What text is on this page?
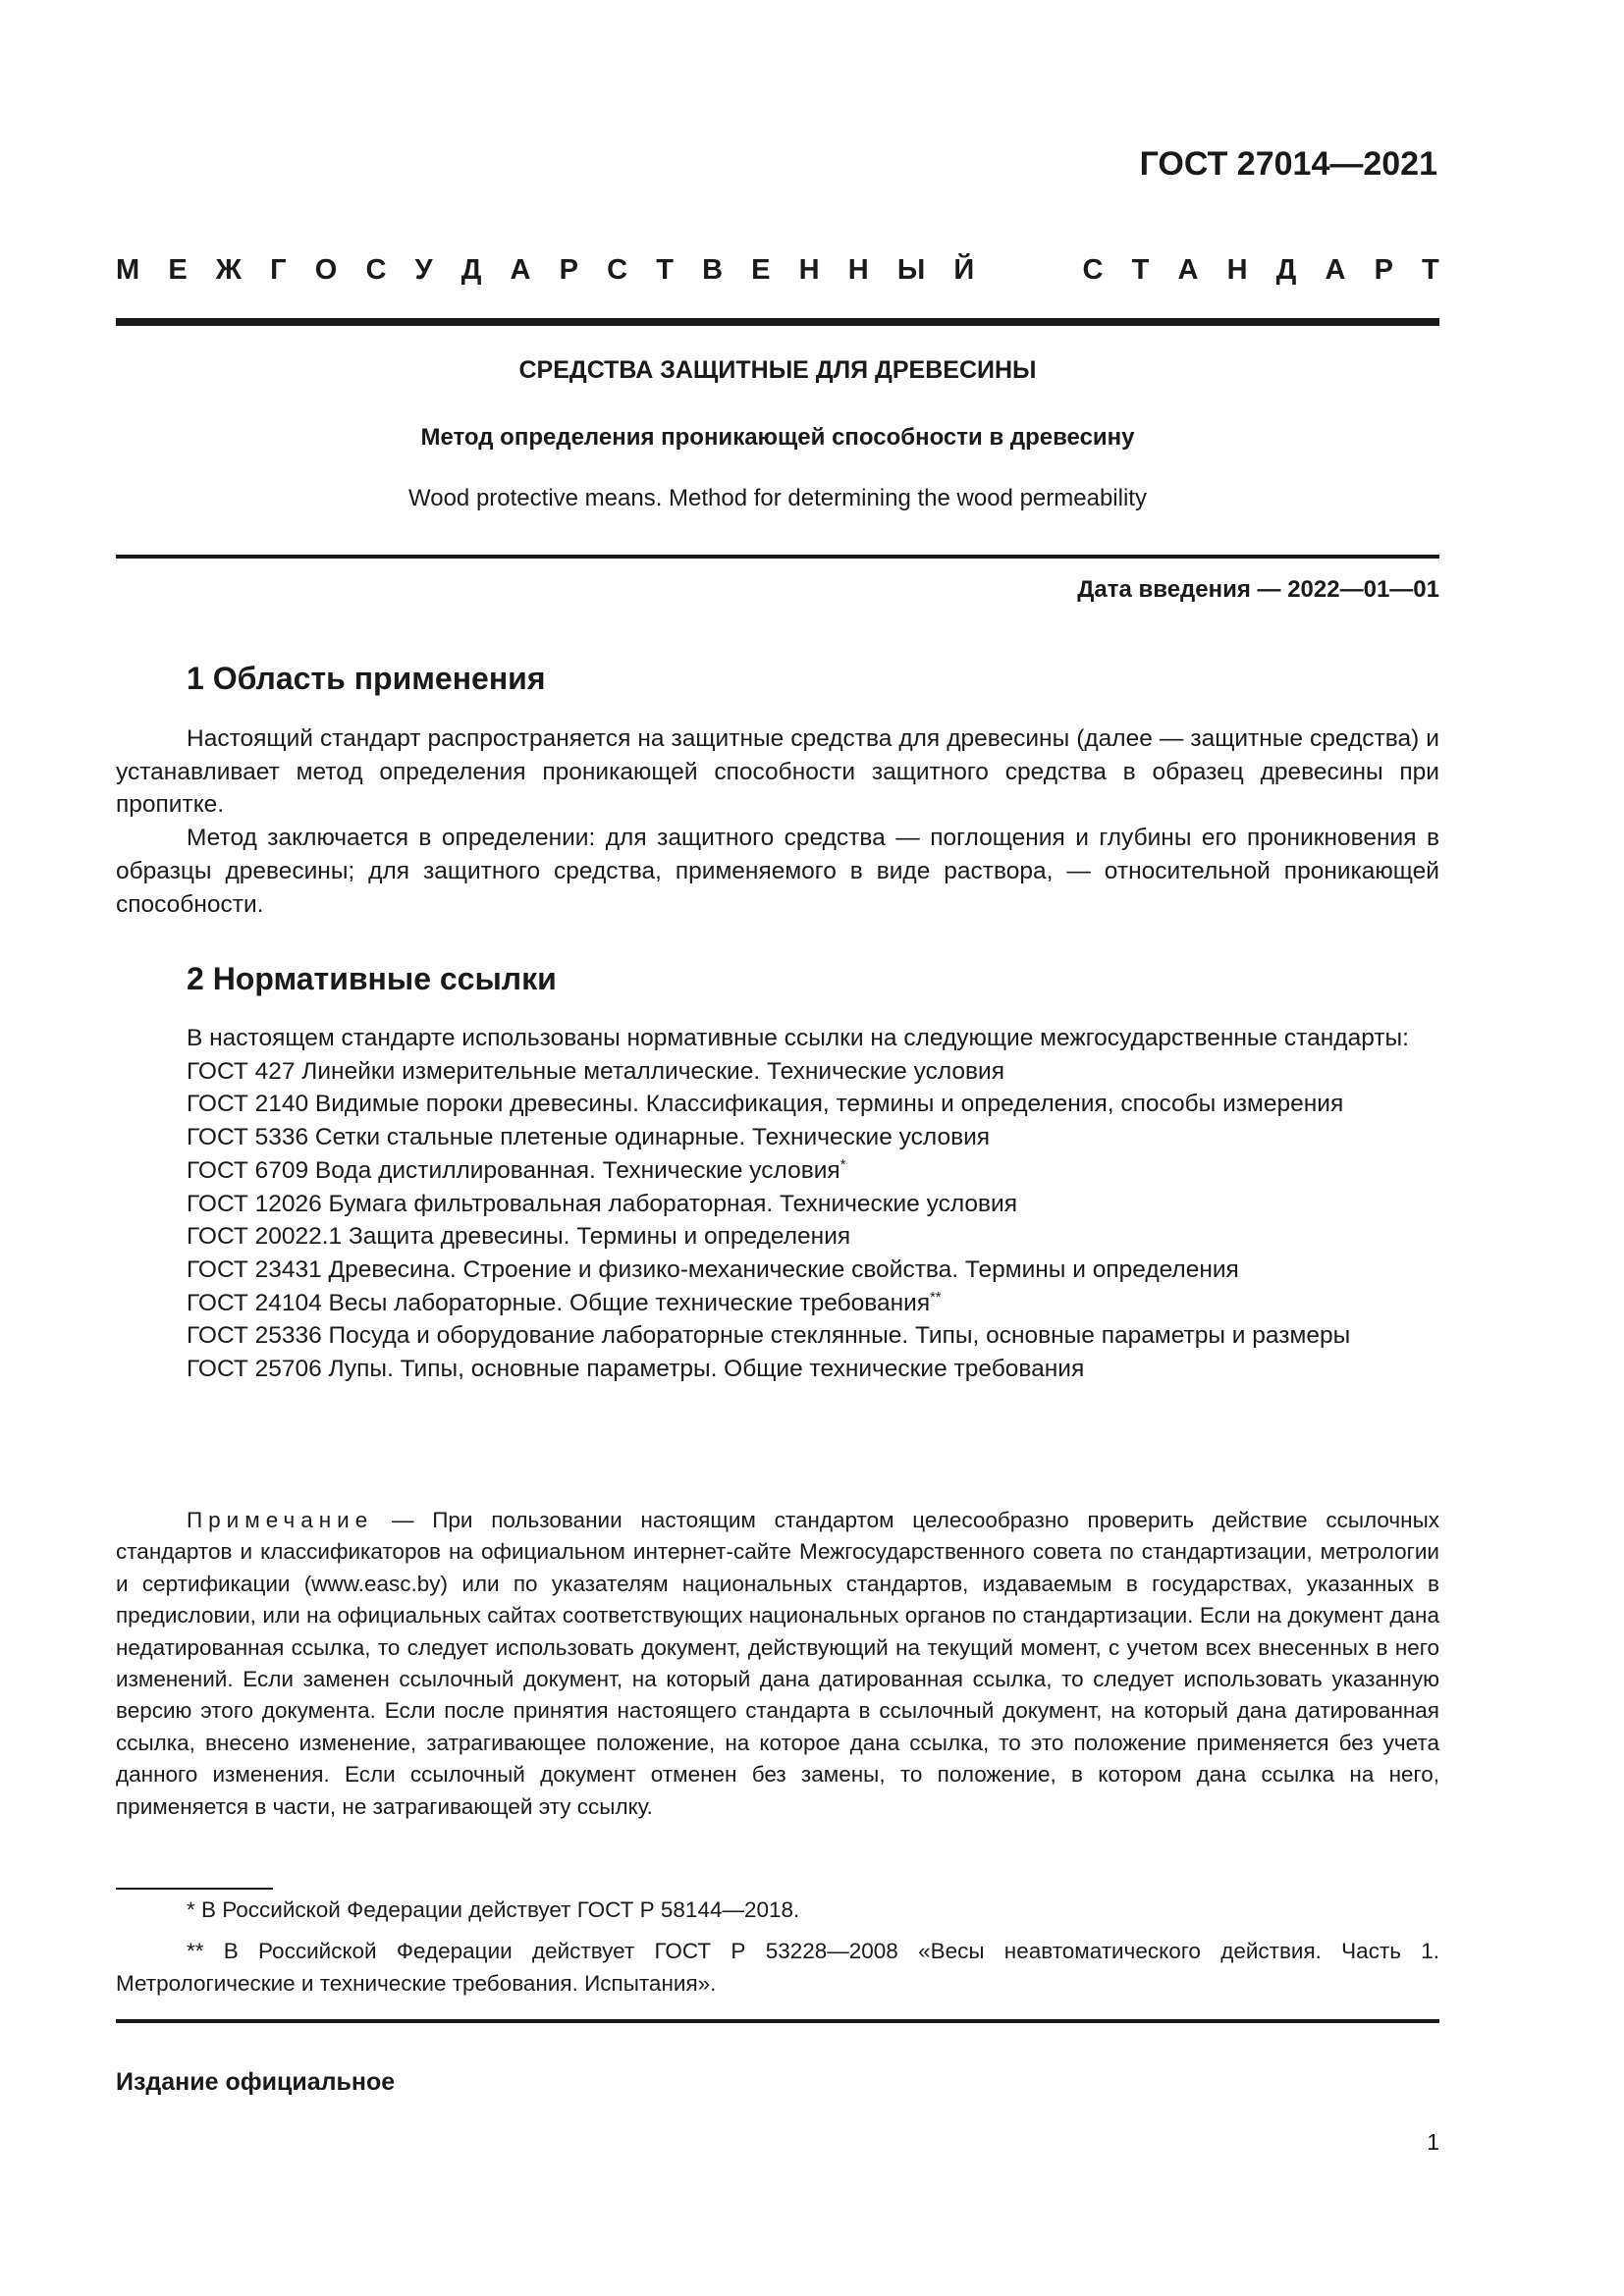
ГОСТ 27014—2021
М Е Ж Г О С У Д А Р С Т В Е Н Н Ы Й	С Т А Н Д А Р Т
СРЕДСТВА ЗАЩИТНЫЕ ДЛЯ ДРЕВЕСИНЫ
Метод определения проникающей способности в древесину
Wood protective means. Method for determining the wood permeability
Дата введения — 2022—01—01
1 Область применения

Настоящий стандарт распространяется на защитные средства для древесины (далее — защитные средства) и устанавливает метод определения проникающей способности защитного средства в образец древесины при пропитке.

Метод заключается в определении: для защитного средства — поглощения и глубины его проникновения в образцы древесины; для защитного средства, применяемого в виде раствора, — относительной проникающей способности.

2 Нормативные ссылки

В настоящем стандарте использованы нормативные ссылки на следующие межгосударственные стандарты:

ГОСТ 427 Линейки измерительные металлические. Технические условия

ГОСТ 2140 Видимые пороки древесины. Классификация, термины и определения, способы измерения

ГОСТ 5336 Сетки стальные плетеные одинарные. Технические условия

ГОСТ 6709 Вода дистиллированная. Технические условия*

ГОСТ 12026 Бумага фильтровальная лабораторная. Технические условия

ГОСТ 20022.1 Защита древесины. Термины и определения

ГОСТ 23431 Древесина. Строение и физико-механические свойства. Термины и определения

ГОСТ 24104 Весы лабораторные. Общие технические требования**

ГОСТ 25336 Посуда и оборудование лабораторные стеклянные. Типы, основные параметры и размеры

ГОСТ 25706 Лупы. Типы, основные параметры. Общие технические требования

Примечание — При пользовании настоящим стандартом целесообразно проверить действие ссылочных стандартов и классификаторов на официальном интернет-сайте Межгосударственного совета по стандартизации, метрологии и сертификации (www.easc.by) или по указателям национальных стандартов, издаваемым в государствах, указанных в предисловии, или на официальных сайтах соответствующих национальных органов по стандартизации. Если на документ дана недатированная ссылка, то следует использовать документ, действующий на текущий момент, с учетом всех внесенных в него изменений. Если заменен ссылочный документ, на который дана датированная ссылка, то следует использовать указанную версию этого документа. Если после принятия настоящего стандарта в ссылочный документ, на который дана датированная ссылка, внесено изменение, затрагивающее положение, на которое дана ссылка, то это положение применяется без учета данного изменения. Если ссылочный документ отменен без замены, то положение, в котором дана ссылка на него, применяется в части, не затрагивающей эту ссылку.

* В Российской Федерации действует ГОСТ Р 58144—2018.

** В Российской Федерации действует ГОСТ Р 53228—2008 «Весы неавтоматического действия. Часть 1. Метрологические и технические требования. Испытания».

Издание официальное
1
